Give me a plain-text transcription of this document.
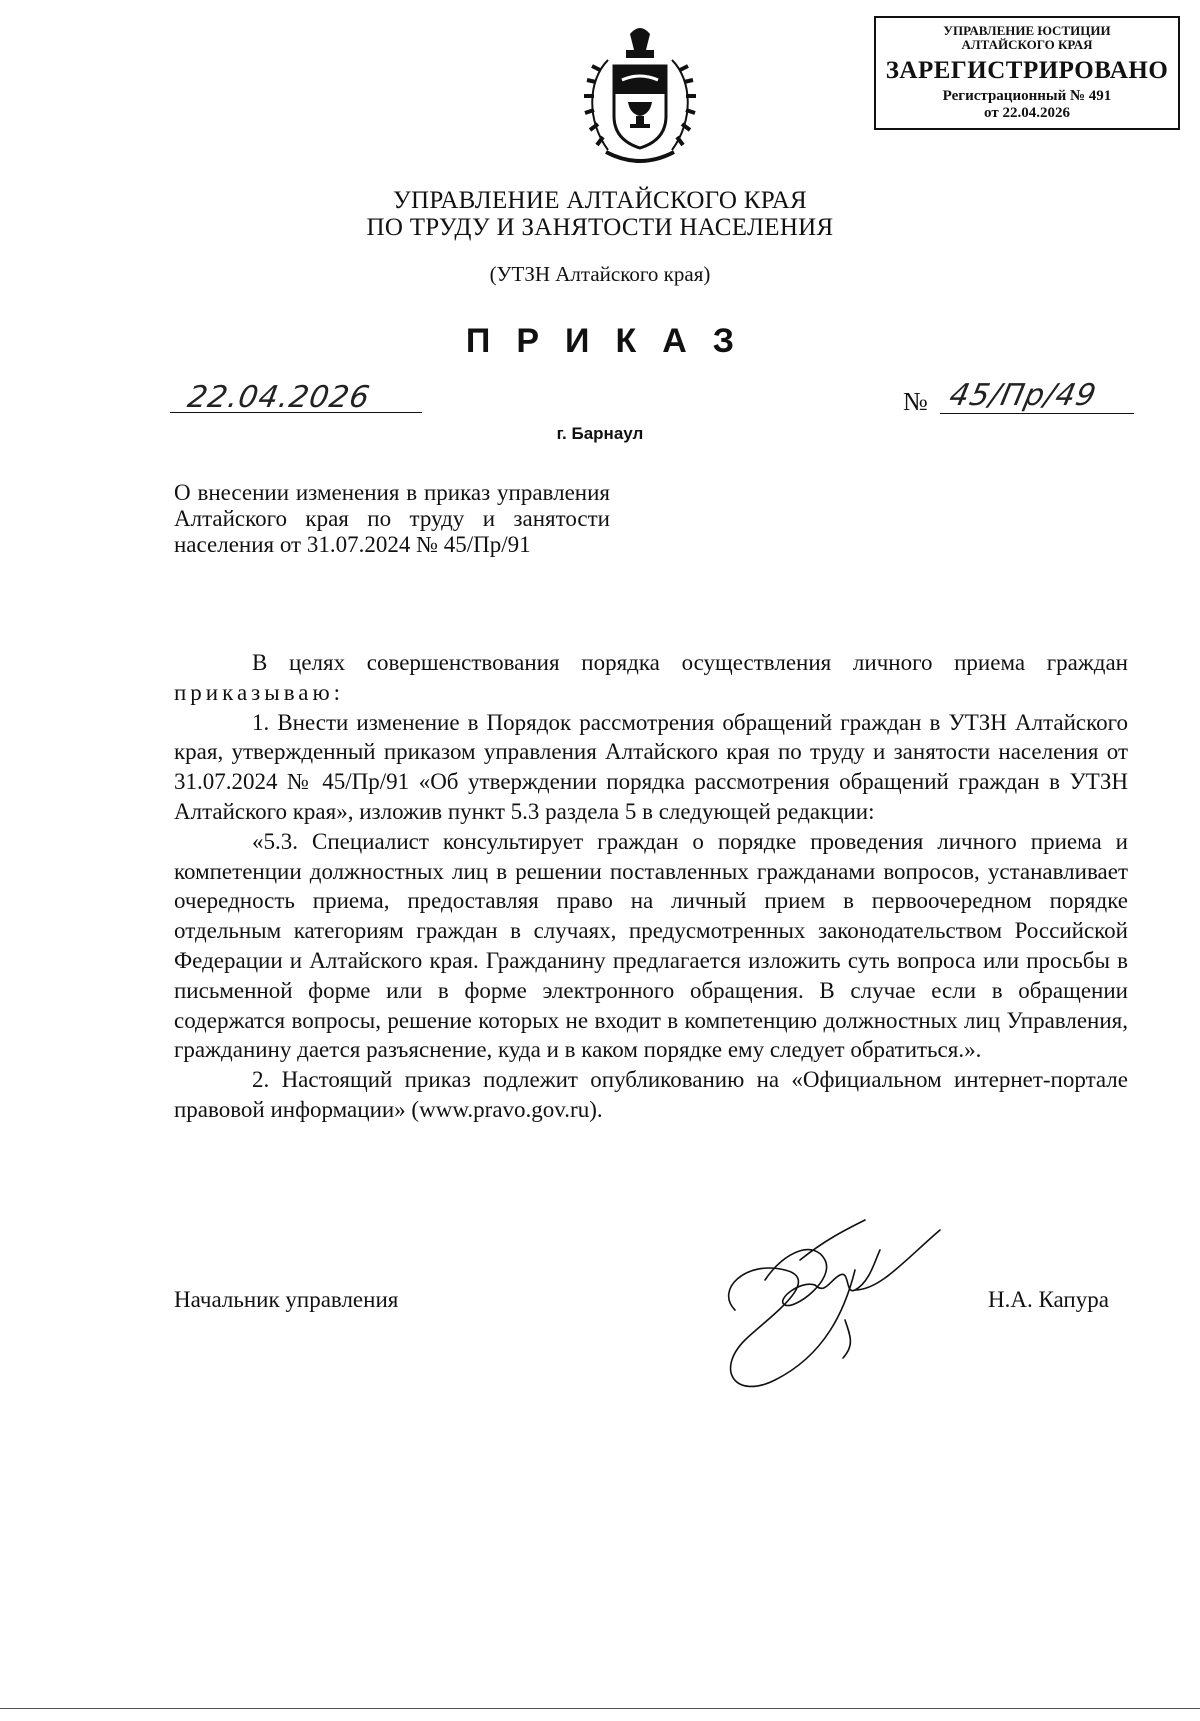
УПРАВЛЕНИЕ ЮСТИЦИИ
АЛТАЙСКОГО КРАЯ
ЗАРЕГИСТРИРОВАНО
Регистрационный № 491
от 22.04.2026
УПРАВЛЕНИЕ АЛТАЙСКОГО КРАЯ
ПО ТРУДУ И ЗАНЯТОСТИ НАСЕЛЕНИЯ
(УТЗН Алтайского края)
ПРИКАЗ
22.04.2026	№ 45/Пр/49
г. Барнаул
О внесении изменения в приказ управления Алтайского края по труду и занятости населения от 31.07.2024 № 45/Пр/91

В целях совершенствования порядка осуществления личного приема граждан приказываю:

1. Внести изменение в Порядок рассмотрения обращений граждан в УТЗН Алтайского края, утвержденный приказом управления Алтайского края по труду и занятости населения от 31.07.2024 № 45/Пр/91 «Об утверждении порядка рассмотрения обращений граждан в УТЗН Алтайского края», изложив пункт 5.3 раздела 5 в следующей редакции:

«5.3. Специалист консультирует граждан о порядке проведения личного приема и компетенции должностных лиц в решении поставленных гражданами вопросов, устанавливает очередность приема, предоставляя право на личный прием в первоочередном порядке отдельным категориям граждан в случаях, предусмотренных законодательством Российской Федерации и Алтайского края. Гражданину предлагается изложить суть вопроса или просьбы в письменной форме или в форме электронного обращения. В случае если в обращении содержатся вопросы, решение которых не входит в компетенцию должностных лиц Управления, гражданину дается разъяснение, куда и в каком порядке ему следует обратиться.».

2. Настоящий приказ подлежит опубликованию на «Официальном интернет-портале правовой информации» (www.pravo.gov.ru).

Начальник управления	Н.А. Капура
